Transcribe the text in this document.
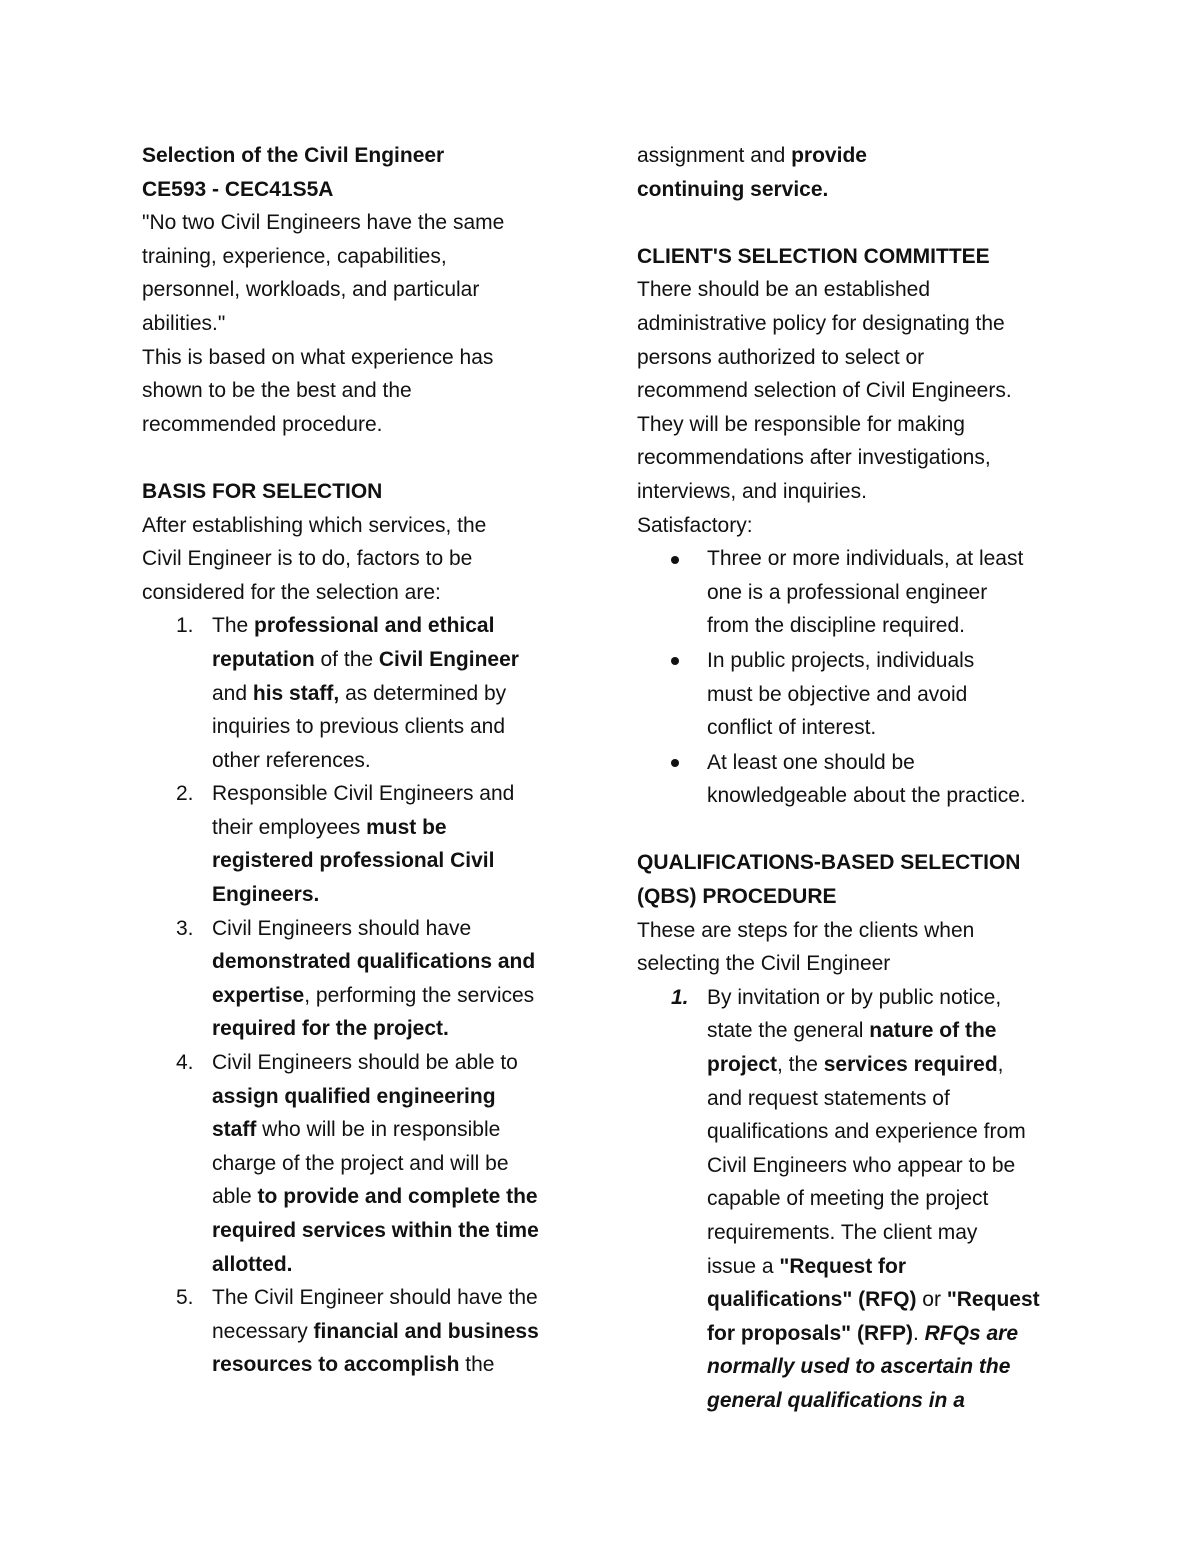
Selection of the Civil Engineer
CE593 - CEC41S5A
"No two Civil Engineers have the same
training, experience, capabilities,
personnel, workloads, and particular
abilities."
This is based on what experience has
shown to be the best and the
recommended procedure.
BASIS FOR SELECTION
After establishing which services, the
Civil Engineer is to do, factors to be
considered for the selection are:
1. The professional and ethical
reputation of the Civil Engineer
and his staff, as determined by
inquiries to previous clients and
other references.
2. Responsible Civil Engineers and
their employees must be
registered professional Civil
Engineers.
3. Civil Engineers should have
demonstrated qualifications and
expertise, performing the services
required for the project.
4. Civil Engineers should be able to
assign qualified engineering
staff who will be in responsible
charge of the project and will be
able to provide and complete the
required services within the time
allotted.
5. The Civil Engineer should have the
necessary financial and business
resources to accomplish the
assignment and provide
continuing service.
CLIENT'S SELECTION COMMITTEE
There should be an established
administrative policy for designating the
persons authorized to select or
recommend selection of Civil Engineers.
They will be responsible for making
recommendations after investigations,
interviews, and inquiries.
Satisfactory:
Three or more individuals, at least
one is a professional engineer
from the discipline required.
In public projects, individuals
must be objective and avoid
conflict of interest.
At least one should be
knowledgeable about the practice.
QUALIFICATIONS-BASED SELECTION
(QBS) PROCEDURE
These are steps for the clients when
selecting the Civil Engineer
1. By invitation or by public notice,
state the general nature of the
project, the services required,
and request statements of
qualifications and experience from
Civil Engineers who appear to be
capable of meeting the project
requirements. The client may
issue a "Request for
qualifications" (RFQ) or "Request
for proposals" (RFP). RFQs are
normally used to ascertain the
general qualifications in a
